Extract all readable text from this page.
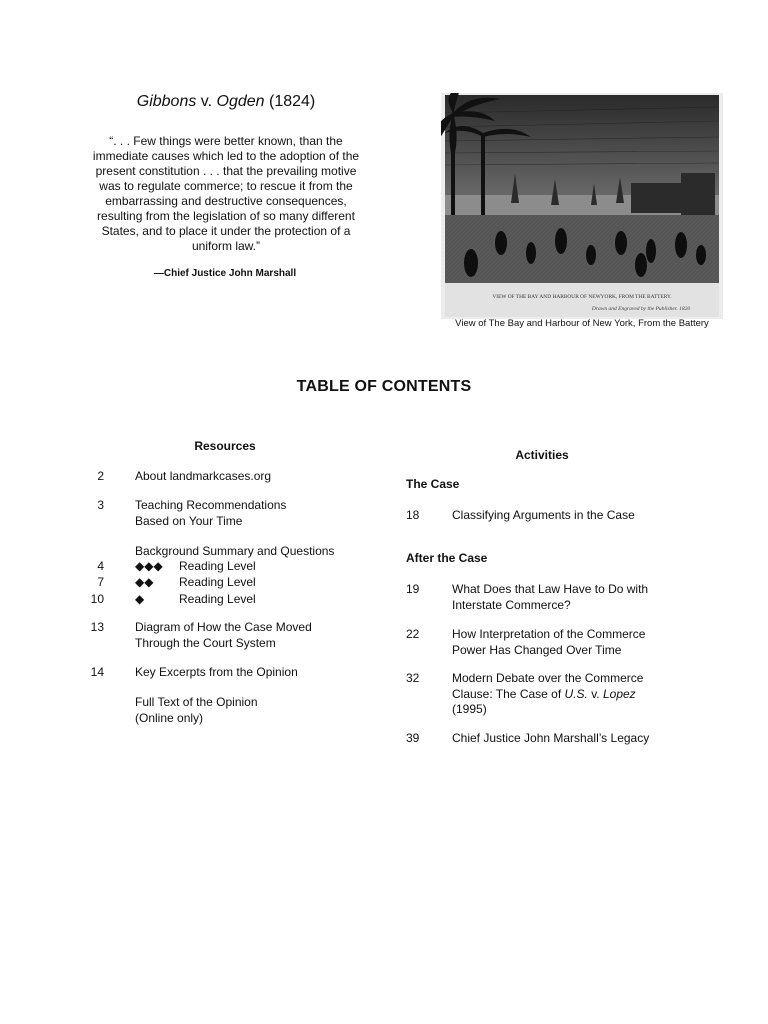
Gibbons v. Ogden (1824)
“. . . Few things were better known, than the immediate causes which led to the adoption of the present constitution . . . that the prevailing motive was to regulate commerce; to rescue it from the embarrassing and destructive consequences, resulting from the legislation of so many different States, and to place it under the protection of a uniform law.”
—Chief Justice John Marshall
VIEW OF THE BAY AND HARBOUR OF NEWYORK, FROM THE BATTERY.
Drawn and Engraved by the Publisher. 1820
View of The Bay and Harbour of New York, From the Battery
TABLE OF CONTENTS
Resources
2	About landmarkcases.org
3	Teaching Recommendations
Based on Your Time
Background Summary and Questions
4	◆◆◆ Reading Level
7	◆◆ Reading Level
10	◆	Reading Level
13	Diagram of How the Case Moved
Through the Court System
14	Key Excerpts from the Opinion
Full Text of the Opinion
(Online only)
Activities
The Case
18	Classifying Arguments in the Case
After the Case
19	What Does that Law Have to Do with
Interstate Commerce?
22	How Interpretation of the Commerce
Power Has Changed Over Time
32	Modern Debate over the Commerce
Clause: The Case of U.S. v. Lopez
(1995)
39	Chief Justice John Marshall’s Legacy
